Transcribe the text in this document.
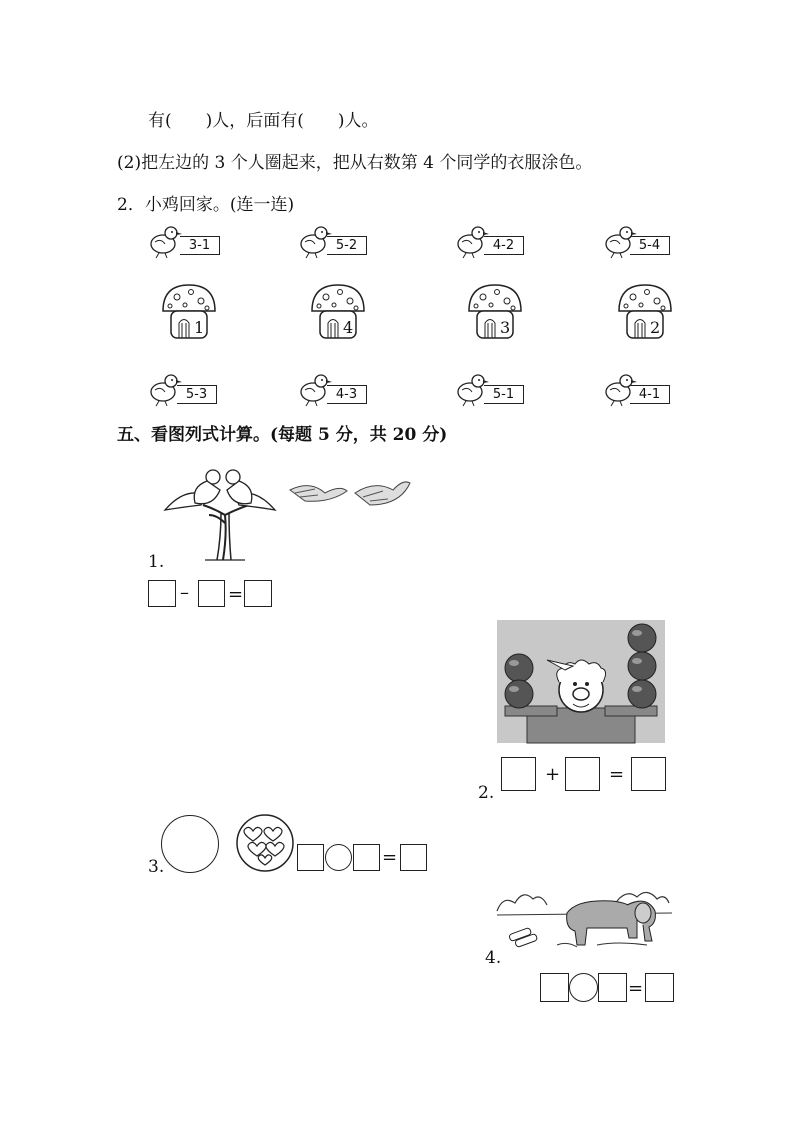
有(　　)人，后面有(　　)人。
(2)把左边的 3 个人圈起来，把从右数第 4 个同学的衣服涂色。
2．小鸡回家。(连一连)
3-1	5-2	4-2	5-4
1	4	3	2
5-3	4-3	5-1	4-1
五、看图列式计算。(每题 5 分，共 20 分)
1.
– =
2.
+	=
3.	=
4.
=
